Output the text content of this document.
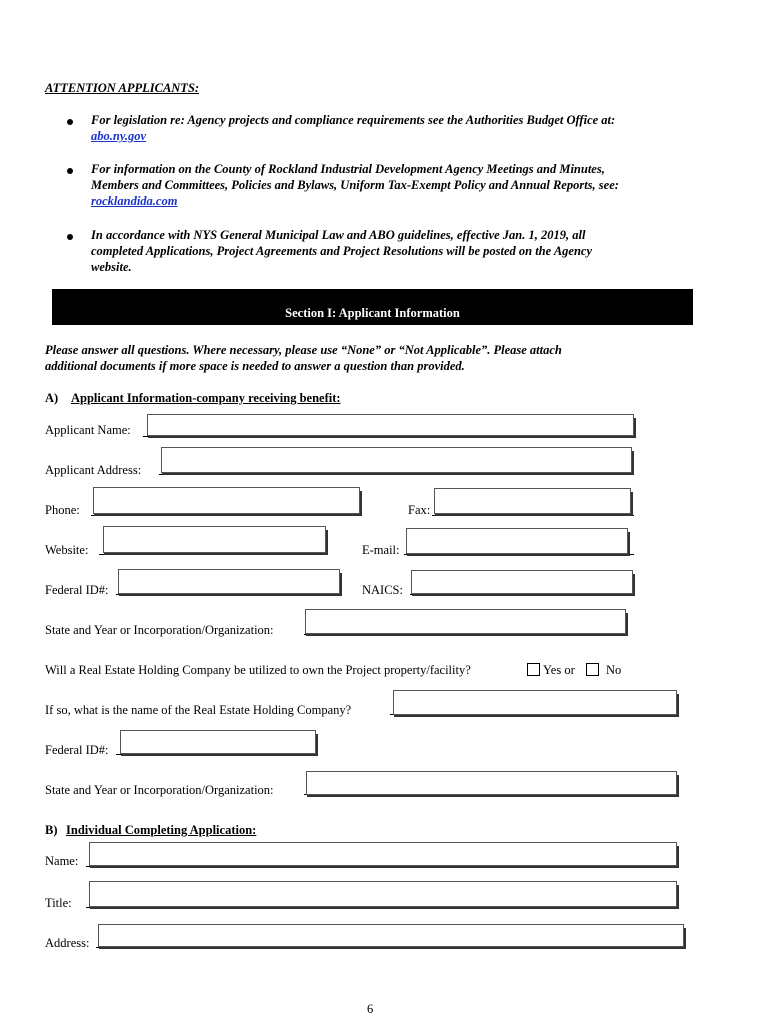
ATTENTION APPLICANTS:
For legislation re: Agency projects and compliance requirements see the Authorities Budget Office at:
abo.ny.gov
For information on the County of Rockland Industrial Development Agency Meetings and Minutes,
Members and Committees, Policies and Bylaws, Uniform Tax-Exempt Policy and Annual Reports, see:
rocklandida.com
In accordance with NYS General Municipal Law and ABO guidelines, effective Jan. 1, 2019, all
completed Applications, Project Agreements and Project Resolutions will be posted on the Agency
website.
Section I: Applicant Information
Please answer all questions. Where necessary, please use “None” or “Not Applicable”. Please attach
additional documents if more space is needed to answer a question than provided.
A) Applicant Information-company receiving benefit:
Applicant Name:
Applicant Address:
Phone:	Fax:
Website:	E-mail:
Federal ID#:	NAICS:
State and Year or Incorporation/Organization:
Will a Real Estate Holding Company be utilized to own the Project property/facility?	Yes or	No
If so, what is the name of the Real Estate Holding Company?
Federal ID#:
State and Year or Incorporation/Organization:
B) Individual Completing Application:
Name:
Title:
Address:
6
